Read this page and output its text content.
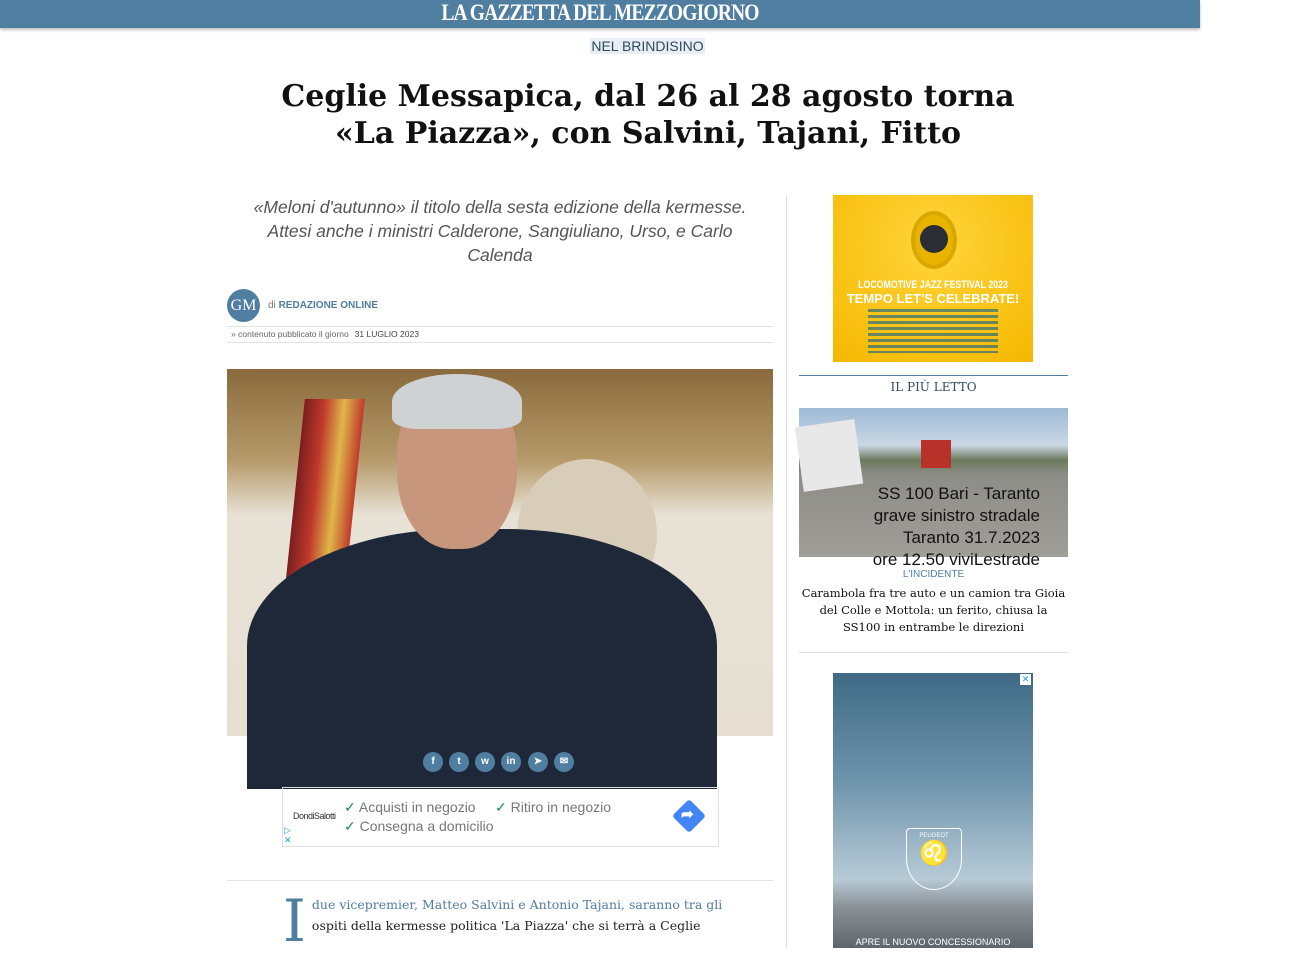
LA GAZZETTA DEL MEZZOGIORNO
NEL BRINDISINO
Ceglie Messapica, dal 26 al 28 agosto torna «La Piazza», con Salvini, Tajani, Fitto

«Meloni d'autunno» il titolo della sesta edizione della kermesse. Attesi anche i ministri Calderone, Sangiuliano, Urso, e Carlo Calenda

GM	di REDAZIONE ONLINE
» contenuto pubblicato il giorno 31 LUGLIO 2023
f	t	w	in	➤	✉
DondiSalotti
▷
✕
✓ Acquisti in negozio ✓ Ritiro in negozio
✓ Consegna a domicilio
➦
I due vicepremier, Matteo Salvini e Antonio Tajani, saranno tra gli ospiti della kermesse politica 'La Piazza' che si terrà a Ceglie
LOCOMOTIVE JAZZ FESTIVAL 2023
TEMPO LET'S CELEBRATE!
IL PIÙ LETTO
SS 100 Bari - Taranto
grave sinistro stradale
Taranto 31.7.2023
ore 12.50 viviLestrade
L'INCIDENTE
Carambola fra tre auto e un camion tra Gioia del Colle e Mottola: un ferito, chiusa la SS100 in entrambe le direzioni
✕
PEUGEOT
♌
APRE IL NUOVO CONCESSIONARIO
